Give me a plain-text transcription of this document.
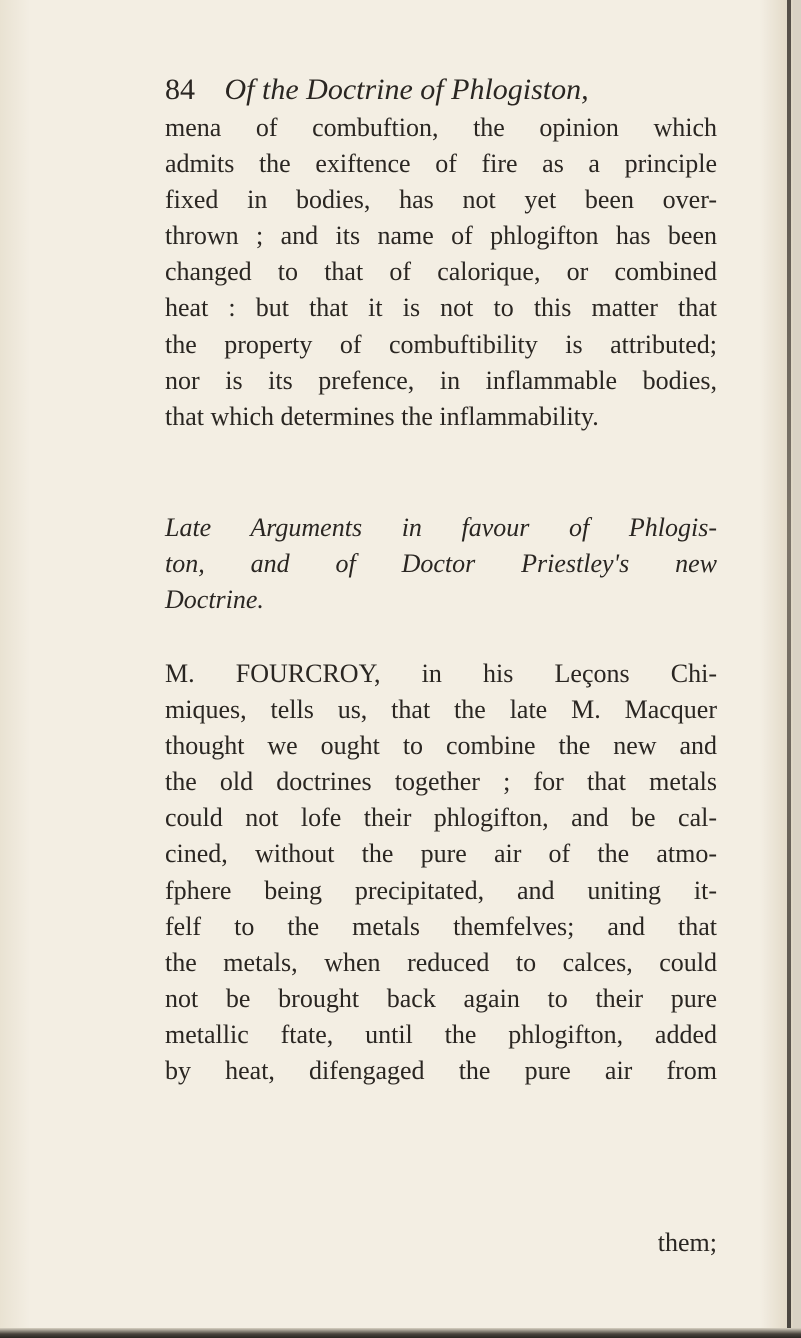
84 Of the Doctrine of Phlogiston,
mena of combuftion, the opinion which
admits the exiftence of fire as a principle
fixed in bodies, has not yet been over-
thrown ; and its name of phlogifton has been
changed to that of calorique, or combined
heat : but that it is not to this matter that
the property of combuftibility is attributed;
nor is its prefence, in inflammable bodies,
that which determines the inflammability.
Late Arguments in favour of Phlogis-
ton, and of Doctor Priestley's new
Doctrine.
M. FOURCROY, in his Leçons Chi-
miques, tells us, that the late M. Macquer
thought we ought to combine the new and
the old doctrines together ; for that metals
could not lofe their phlogifton, and be cal-
cined, without the pure air of the atmo-
fphere being precipitated, and uniting it-
felf to the metals themfelves; and that
the metals, when reduced to calces, could
not be brought back again to their pure
metallic ftate, until the phlogifton, added
by heat, difengaged the pure air from
them;
